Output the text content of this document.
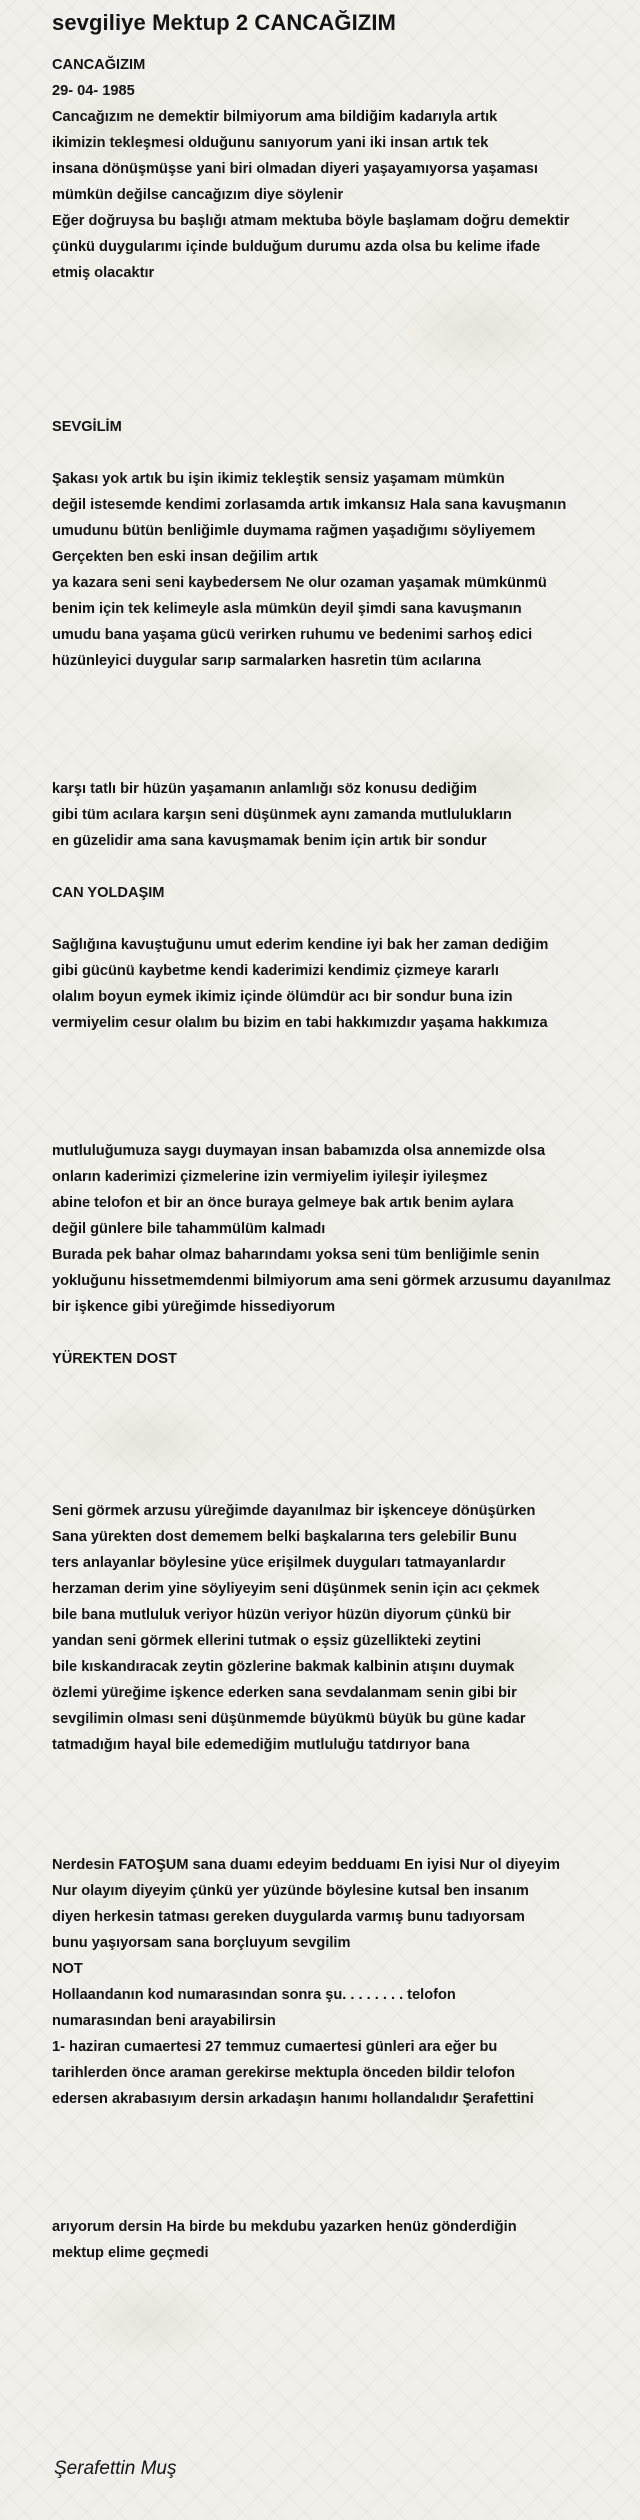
sevgiliye Mektup 2 CANCAĞIZIM
CANCAĞIZIM
29- 04- 1985
Cancağızım ne demektir bilmiyorum ama bildiğim kadarıyla artık
ikimizin tekleşmesi olduğunu sanıyorum yani iki insan artık tek
insana dönüşmüşse yani biri olmadan diyeri yaşayamıyorsa yaşaması
mümkün değilse cancağızım diye söylenir
Eğer doğruysa bu başlığı atmam mektuba böyle başlamam doğru demektir
çünkü duygularımı içinde bulduğum durumu azda olsa bu kelime ifade
etmiş olacaktır
SEVGİLİM
Şakası yok artık bu işin ikimiz tekleştik sensiz yaşamam mümkün
değil istesemde kendimi zorlasamda artık imkansız Hala sana kavuşmanın
umudunu bütün benliğimle duymama rağmen yaşadığımı söyliyemem
Gerçekten ben eski insan değilim artık
ya kazara seni seni kaybedersem Ne olur ozaman yaşamak mümkünmü
benim için tek kelimeyle asla mümkün deyil şimdi sana kavuşmanın
umudu bana yaşama gücü verirken ruhumu ve bedenimi sarhoş edici
hüzünleyici duygular sarıp sarmalarken hasretin tüm acılarına
karşı tatlı bir hüzün yaşamanın anlamlığı söz konusu dediğim
gibi tüm acılara karşın seni düşünmek aynı zamanda mutlulukların
en güzelidir ama sana kavuşmamak benim için artık bir sondur
CAN YOLDAŞIM
Sağlığına kavuştuğunu umut ederim kendine iyi bak her zaman dediğim
gibi gücünü kaybetme kendi kaderimizi kendimiz çizmeye kararlı
olalım boyun eymek ikimiz içinde ölümdür acı bir sondur buna izin
vermiyelim cesur olalım bu bizim en tabi hakkımızdır yaşama hakkımıza
mutluluğumuza saygı duymayan insan babamızda olsa annemizde olsa
onların kaderimizi çizmelerine izin vermiyelim iyileşir iyileşmez
abine telofon et bir an önce buraya gelmeye bak artık benim aylara
değil günlere bile tahammülüm kalmadı
Burada pek bahar olmaz baharındamı yoksa seni tüm benliğimle senin
yokluğunu hissetmemdenmi bilmiyorum ama seni görmek arzusumu dayanılmaz
bir işkence gibi yüreğimde hissediyorum
YÜREKTEN DOST
Seni görmek arzusu yüreğimde dayanılmaz bir işkenceye dönüşürken
Sana yürekten dost dememem belki başkalarına ters gelebilir Bunu
ters anlayanlar böylesine yüce erişilmek duyguları tatmayanlardır
herzaman derim yine söyliyeyim seni düşünmek senin için acı çekmek
bile bana mutluluk veriyor hüzün veriyor hüzün diyorum çünkü bir
yandan seni görmek ellerini tutmak o eşsiz güzellikteki zeytini
bile kıskandıracak zeytin gözlerine bakmak kalbinin atışını duymak
özlemi yüreğime işkence ederken sana sevdalanmam senin gibi bir
sevgilimin olması seni düşünmemde büyükmü büyük bu güne kadar
tatmadığım hayal bile edemediğim mutluluğu tatdırıyor bana
Nerdesin FATOŞUM sana duamı edeyim bedduamı En iyisi Nur ol diyeyim
Nur olayım diyeyim çünkü yer yüzünde böylesine kutsal ben insanım
diyen herkesin tatması gereken duygularda varmış bunu tadıyorsam
bunu yaşıyorsam sana borçluyum sevgilim
NOT
Hollaandanın kod numarasından sonra şu. . . . . . . . telofon
numarasından beni arayabilirsin
1- haziran cumaertesi 27 temmuz cumaertesi günleri ara eğer bu
tarihlerden önce araman gerekirse mektupla önceden bildir telofon
edersen akrabasıyım dersin arkadaşın hanımı hollandalıdır Şerafettini
arıyorum dersin Ha birde bu mekdubu yazarken henüz gönderdiğin
mektup elime geçmedi
Şerafettin Muş
